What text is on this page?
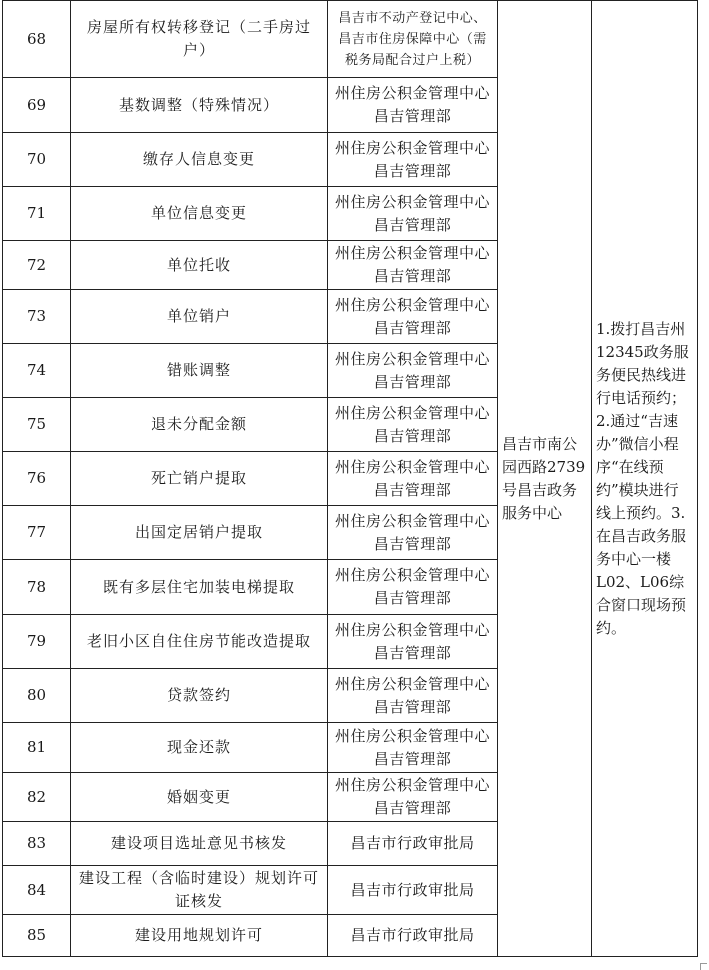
68	房屋所有权转移登记（二手房过户）	昌吉市不动产登记中心、昌吉市住房保障中心（需税务局配合过户上税）	昌吉市南公园西路2739号昌吉政务服务中心	1.拨打昌吉州12345政务服务便民热线进行电话预约；2.通过“吉速办”微信小程序“在线预约”模块进行线上预约。3.在昌吉政务服务中心一楼L02、L06综合窗口现场预约。

69	基数调整（特殊情况）	州住房公积金管理中心昌吉管理部		
70	缴存人信息变更	州住房公积金管理中心昌吉管理部		
71	单位信息变更	州住房公积金管理中心昌吉管理部		
72	单位托收	州住房公积金管理中心昌吉管理部		
73	单位销户	州住房公积金管理中心昌吉管理部		
74	错账调整	州住房公积金管理中心昌吉管理部		
75	退未分配金额	州住房公积金管理中心昌吉管理部		
76	死亡销户提取	州住房公积金管理中心昌吉管理部		
77	出国定居销户提取	州住房公积金管理中心昌吉管理部		
78	既有多层住宅加装电梯提取	州住房公积金管理中心昌吉管理部		
79	老旧小区自住住房节能改造提取	州住房公积金管理中心昌吉管理部		
80	贷款签约	州住房公积金管理中心昌吉管理部		
81	现金还款	州住房公积金管理中心昌吉管理部		
82	婚姻变更	州住房公积金管理中心昌吉管理部		
83	建设项目选址意见书核发	昌吉市行政审批局		
84	建设工程（含临时建设）规划许可证核发	昌吉市行政审批局		
85	建设用地规划许可	昌吉市行政审批局		
